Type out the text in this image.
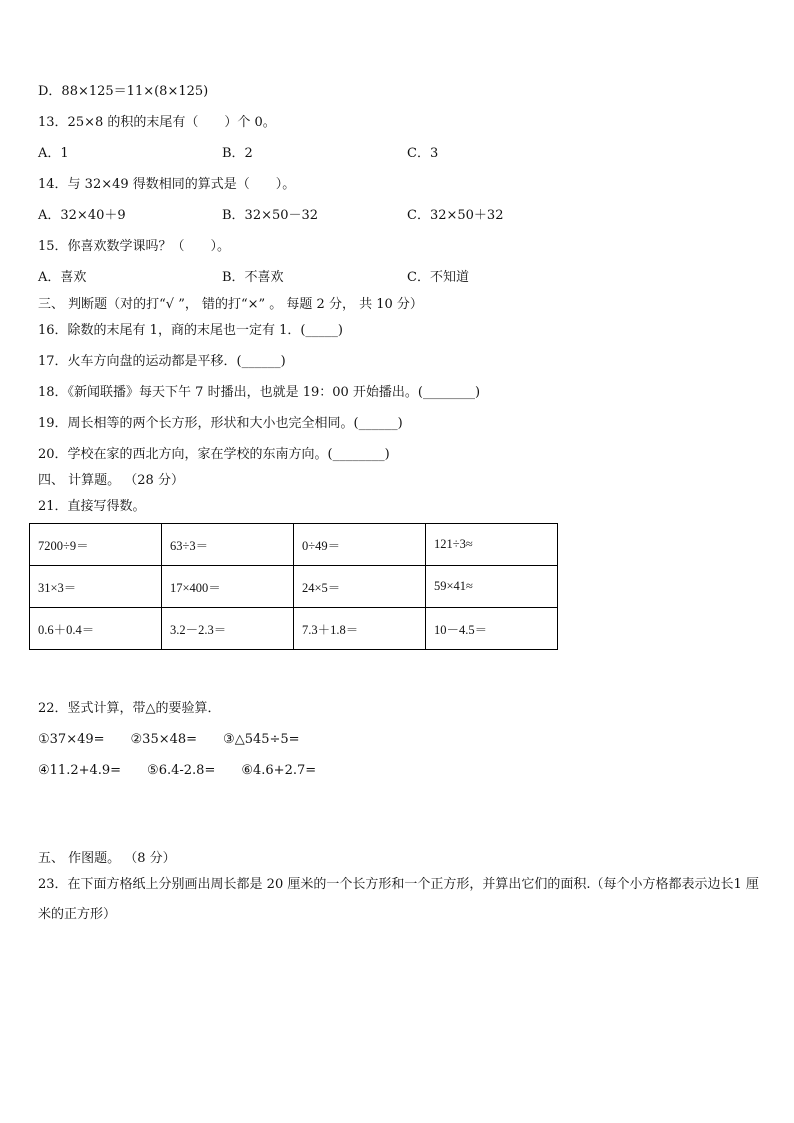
D．88×125＝11×(8×125)
13．25×8 的积的末尾有（　　）个 0。
A．1	B．2	C．3
14．与 32×49 得数相同的算式是（　　）。
A．32×40＋9	B．32×50－32	C．32×50＋32
15．你喜欢数学课吗？（　　）。
A．喜欢	B．不喜欢	C．不知道
三、 判断题（对的打“√ ”， 错的打“×” 。 每题 2 分， 共 10 分）
16．除数的末尾有 1，商的末尾也一定有 1．(_____)
17．火车方向盘的运动都是平移．(______)
18．《新闻联播》每天下午 7 时播出，也就是 19：00 开始播出。(________)
19．周长相等的两个长方形，形状和大小也完全相同。(______)
20．学校在家的西北方向，家在学校的东南方向。(________)
四、 计算题。 （28 分）
21．直接写得数。
7200÷9＝	63÷3＝	0÷49＝	121÷3≈
31×3＝	17×400＝	24×5＝	59×41≈
0.6＋0.4＝	3.2－2.3＝	7.3＋1.8＝	10－4.5＝
22．竖式计算，带△的要验算．
①37×49=　　②35×48=　　③△545÷5=
④11.2+4.9=　　⑤6.4-2.8=　　⑥4.6+2.7=
五、 作图题。 （8 分）
23．在下面方格纸上分别画出周长都是 20 厘米的一个长方形和一个正方形，并算出它们的面积.（每个小方格都表示边长1 厘米的正方形）
